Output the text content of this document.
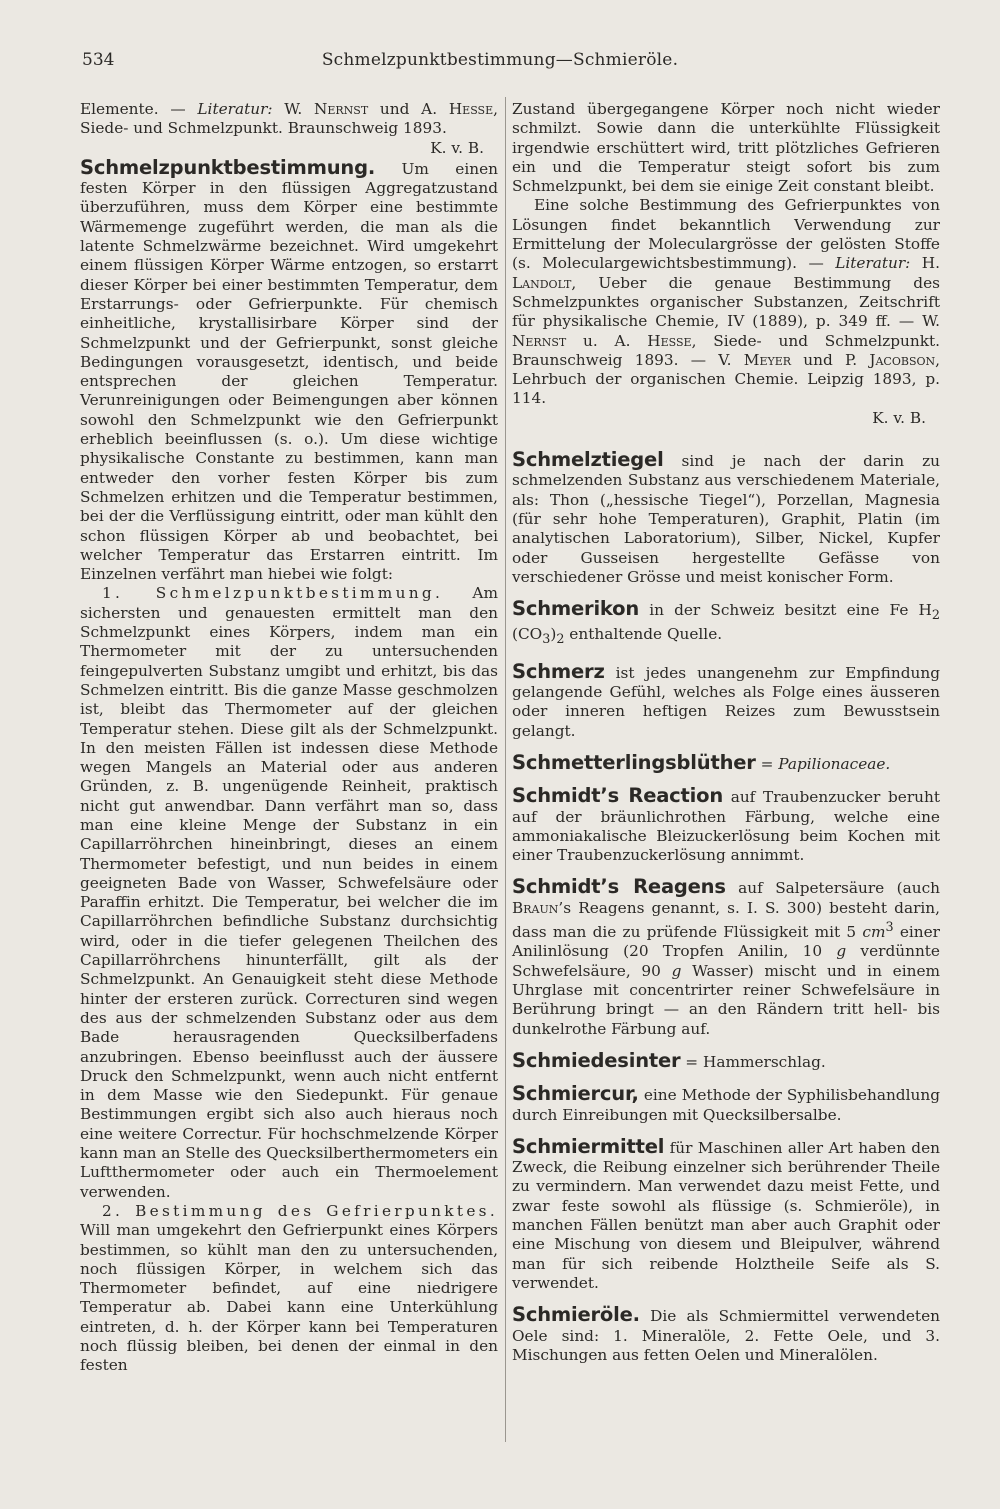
534	Schmelzpunktbestimmung—Schmieröle.

Elemente. — Literatur: W. Nernst und A. Hesse, Siede- und Schmelzpunkt. Braunschweig 1893.

K. v. B.

Schmelzpunktbestimmung. Um einen festen Körper in den flüssigen Aggregatzustand überzuführen, muss dem Körper eine bestimmte Wärmemenge zugeführt werden, die man als die latente Schmelzwärme bezeichnet. Wird umgekehrt einem flüssigen Körper Wärme entzogen, so erstarrt dieser Körper bei einer bestimmten Temperatur, dem Erstarrungs- oder Gefrierpunkte. Für chemisch einheitliche, krystallisirbare Körper sind der Schmelzpunkt und der Gefrierpunkt, sonst gleiche Bedingungen vorausgesetzt, identisch, und beide entsprechen der gleichen Temperatur. Verunreinigungen oder Beimengungen aber können sowohl den Schmelzpunkt wie den Gefrierpunkt erheblich beeinflussen (s. o.). Um diese wichtige physikalische Constante zu bestimmen, kann man entweder den vorher festen Körper bis zum Schmelzen erhitzen und die Temperatur bestimmen, bei der die Verflüssigung eintritt, oder man kühlt den schon flüssigen Körper ab und beobachtet, bei welcher Temperatur das Erstarren eintritt. Im Einzelnen verfährt man hiebei wie folgt:

1. Schmelzpunktbestimmung. Am sichersten und genauesten ermittelt man den Schmelzpunkt eines Körpers, indem man ein Thermometer mit der zu untersuchenden feingepulverten Substanz umgibt und erhitzt, bis das Schmelzen eintritt. Bis die ganze Masse geschmolzen ist, bleibt das Thermometer auf der gleichen Temperatur stehen. Diese gilt als der Schmelzpunkt. In den meisten Fällen ist indessen diese Methode wegen Mangels an Material oder aus anderen Gründen, z. B. ungenügende Reinheit, praktisch nicht gut anwendbar. Dann verfährt man so, dass man eine kleine Menge der Substanz in ein Capillarröhrchen hineinbringt, dieses an einem Thermometer befestigt, und nun beides in einem geeigneten Bade von Wasser, Schwefelsäure oder Paraffin erhitzt. Die Temperatur, bei welcher die im Capillarröhrchen befindliche Substanz durchsichtig wird, oder in die tiefer gelegenen Theilchen des Capillarröhrchens hinunterfällt, gilt als der Schmelzpunkt. An Genauigkeit steht diese Methode hinter der ersteren zurück. Correcturen sind wegen des aus der schmelzenden Substanz oder aus dem Bade herausragenden Quecksilberfadens anzubringen. Ebenso beeinflusst auch der äussere Druck den Schmelzpunkt, wenn auch nicht entfernt in dem Masse wie den Siedepunkt. Für genaue Bestimmungen ergibt sich also auch hieraus noch eine weitere Correctur. Für hochschmelzende Körper kann man an Stelle des Quecksilberthermometers ein Luftthermometer oder auch ein Thermoelement verwenden.

2. Bestimmung des Gefrierpunktes. Will man umgekehrt den Gefrierpunkt eines Körpers bestimmen, so kühlt man den zu untersuchenden, noch flüssigen Körper, in welchem sich das Thermometer befindet, auf eine niedrigere Temperatur ab. Dabei kann eine Unterkühlung eintreten, d. h. der Körper kann bei Temperaturen noch flüssig bleiben, bei denen der einmal in den festen

Zustand übergegangene Körper noch nicht wieder schmilzt. Sowie dann die unterkühlte Flüssigkeit irgendwie erschüttert wird, tritt plötzliches Gefrieren ein und die Temperatur steigt sofort bis zum Schmelzpunkt, bei dem sie einige Zeit constant bleibt.

Eine solche Bestimmung des Gefrierpunktes von Lösungen findet bekanntlich Verwendung zur Ermittelung der Moleculargrösse der gelösten Stoffe (s. Moleculargewichtsbestimmung). — Literatur: H. Landolt, Ueber die genaue Bestimmung des Schmelzpunktes organischer Substanzen, Zeitschrift für physikalische Chemie, IV (1889), p. 349 ff. — W. Nernst u. A. Hesse, Siede- und Schmelzpunkt. Braunschweig 1893. — V. Meyer und P. Jacobson, Lehrbuch der organischen Chemie. Leipzig 1893, p. 114.

K. v. B.

Schmelztiegel sind je nach der darin zu schmelzenden Substanz aus verschiedenem Materiale, als: Thon („hessische Tiegel“), Porzellan, Magnesia (für sehr hohe Temperaturen), Graphit, Platin (im analytischen Laboratorium), Silber, Nickel, Kupfer oder Gusseisen hergestellte Gefässe von verschiedener Grösse und meist konischer Form.

Schmerikon in der Schweiz besitzt eine Fe $H_2$ $(CO_3)_2$ enthaltende Quelle.

Schmerz ist jedes unangenehm zur Empfindung gelangende Gefühl, welches als Folge eines äusseren oder inneren heftigen Reizes zum Bewusstsein gelangt.

Schmetterlingsblüther = Papilionaceae.

Schmidt’s Reaction auf Traubenzucker beruht auf der bräunlichrothen Färbung, welche eine ammoniakalische Bleizuckerlösung beim Kochen mit einer Traubenzuckerlösung annimmt.

Schmidt’s Reagens auf Salpetersäure (auch Braun’s Reagens genannt, s. I. S. 300) besteht darin, dass man die zu prüfende Flüssigkeit mit 5 $cm^3$ einer Anilinlösung (20 Tropfen Anilin, 10 g verdünnte Schwefelsäure, 90 g Wasser) mischt und in einem Uhrglase mit concentrirter reiner Schwefelsäure in Berührung bringt — an den Rändern tritt hell- bis dunkelrothe Färbung auf.

Schmiedesinter = Hammerschlag.

Schmiercur, eine Methode der Syphilisbehandlung durch Einreibungen mit Quecksilbersalbe.

Schmiermittel für Maschinen aller Art haben den Zweck, die Reibung einzelner sich berührender Theile zu vermindern. Man verwendet dazu meist Fette, und zwar feste sowohl als flüssige (s. Schmieröle), in manchen Fällen benützt man aber auch Graphit oder eine Mischung von diesem und Bleipulver, während man für sich reibende Holztheile Seife als S. verwendet.

Schmieröle. Die als Schmiermittel verwendeten Oele sind: 1. Mineralöle, 2. Fette Oele, und 3. Mischungen aus fetten Oelen und Mineralölen.
